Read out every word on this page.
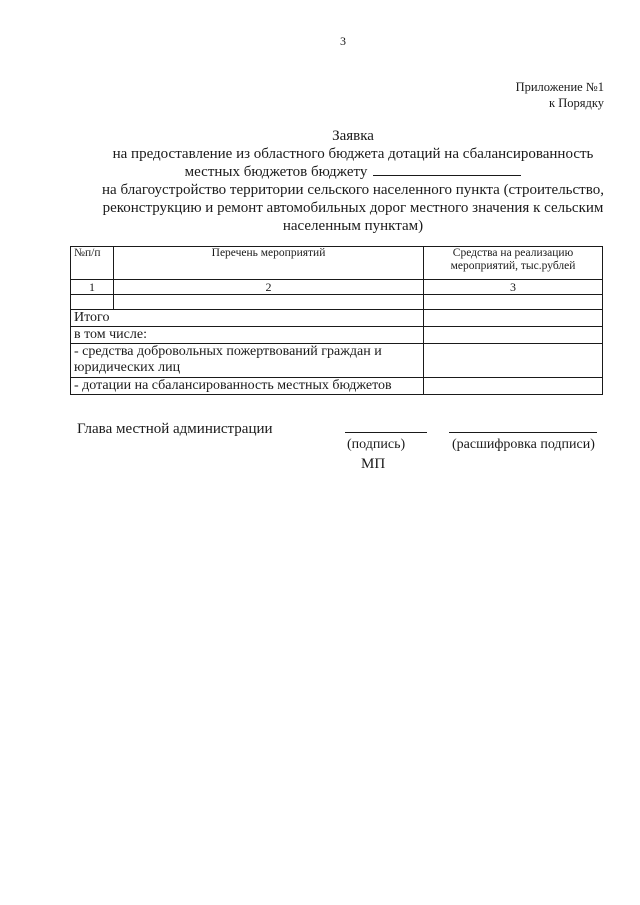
3
Приложение №1
к Порядку
Заявка
на предоставление из областного бюджета дотаций на сбалансированность
местных бюджетов бюджету
на благоустройство территории сельского населенного пункта (строительство,
реконструкцию и ремонт автомобильных дорог местного значения к сельским
населенным пунктам)
№п/п	Перечень мероприятий	Средства на реализацию мероприятий, тыс.рублей
1	2	3

Итого		
в том числе:		
- средства добровольных пожертвований граждан и юридических лиц		
- дотации на сбалансированность местных бюджетов		
Глава местной администрации
(подпись)	(расшифровка подписи)
МП
